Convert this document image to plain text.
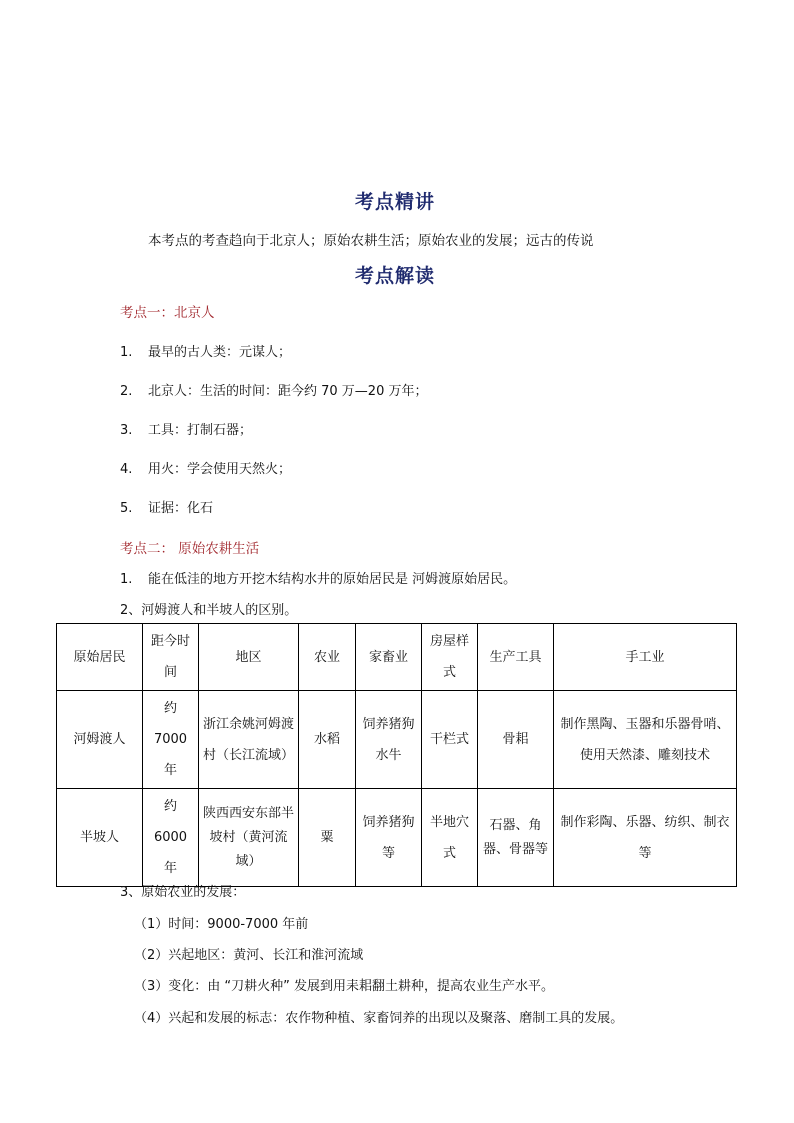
考点精讲
本考点的考查趋向于北京人；原始农耕生活；原始农业的发展；远古的传说
考点解读
考点一：北京人
1. 最早的古人类：元谋人；
2. 北京人：生活的时间：距今约 70 万—20 万年；
3. 工具：打制石器；
4. 用火：学会使用天然火；
5. 证据：化石
考点二： 原始农耕生活
1. 能在低洼的地方开挖木结构水井的原始居民是 河姆渡原始居民。
2、河姆渡人和半坡人的区别。
原始居民	距今时间	地区	农业	家畜业	房屋样式	生产工具	手工业
河姆渡人	约 7000 年	浙江余姚河姆渡村（长江流域）	水稻	饲养猪狗水牛	干栏式	骨耜	制作黑陶、玉器和乐器骨哨、使用天然漆、雕刻技术
半坡人	约 6000 年	陕西西安东部半坡村（黄河流域）	粟	饲养猪狗等	半地穴式	石器、角器、骨器等	制作彩陶、乐器、纺织、制衣等
3、原始农业的发展：
（1）时间：9000-7000 年前
（2）兴起地区：黄河、长江和淮河流域
（3）变化：由 “刀耕火种” 发展到用耒耜翻土耕种，提高农业生产水平。
（4）兴起和发展的标志：农作物种植、家畜饲养的出现以及聚落、磨制工具的发展。
